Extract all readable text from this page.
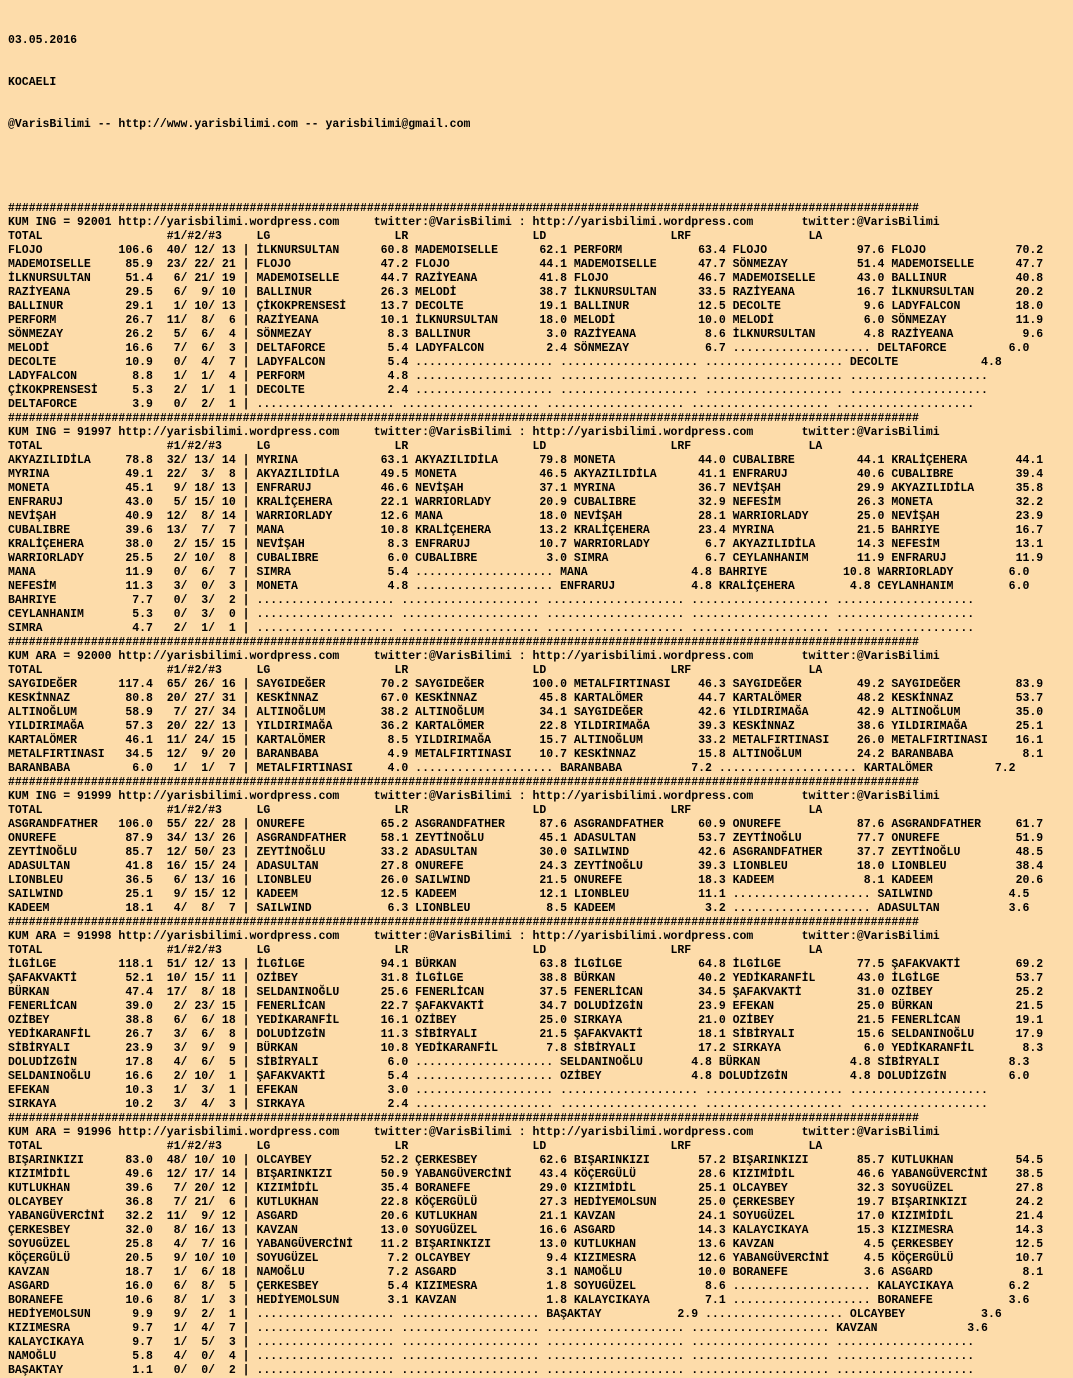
03.05.2016

KOCAELI

@VarisBilimi -- http://www.yarisbilimi.com -- yarisbilimi@gmail.com

####################################################################################################################################
KUM ING = 92001 http://yarisbilimi.wordpress.com     twitter:@VarisBilimi : http://yarisbilimi.wordpress.com       twitter:@VarisBilimi
TOTAL                  #1/#2/#3     LG                  LR                  LD                  LRF                 LA
FLOJO           106.6  40/ 12/ 13 | İLKNURSULTAN      60.8 MADEMOISELLE      62.1 PERFORM           63.4 FLOJO             97.6 FLOJO             70.2
MADEMOISELLE     85.9  23/ 22/ 21 | FLOJO             47.2 FLOJO             44.1 MADEMOISELLE      47.7 SÖNMEZAY          51.4 MADEMOISELLE      47.7
İLKNURSULTAN     51.4   6/ 21/ 19 | MADEMOISELLE      44.7 RAZİYEANA         41.8 FLOJO             46.7 MADEMOISELLE      43.0 BALLINUR          40.8
RAZİYEANA        29.5   6/  9/ 10 | BALLINUR          26.3 MELODİ            38.7 İLKNURSULTAN      33.5 RAZİYEANA         16.7 İLKNURSULTAN      20.2
BALLINUR         29.1   1/ 10/ 13 | ÇİKOKPRENSESİ     13.7 DECOLTE           19.1 BALLINUR          12.5 DECOLTE            9.6 LADYFALCON        18.0
PERFORM          26.7  11/  8/  6 | RAZİYEANA         10.1 İLKNURSULTAN      18.0 MELODİ            10.0 MELODİ             6.0 SÖNMEZAY          11.9
SÖNMEZAY         26.2   5/  6/  4 | SÖNMEZAY           8.3 BALLINUR           3.0 RAZİYEANA          8.6 İLKNURSULTAN       4.8 RAZİYEANA          9.6
MELODİ           16.6   7/  6/  3 | DELTAFORCE         5.4 LADYFALCON         2.4 SÖNMEZAY           6.7 .................... DELTAFORCE         6.0
DECOLTE          10.9   0/  4/  7 | LADYFALCON         5.4 .................... .................... .................... DECOLTE            4.8
LADYFALCON        8.8   1/  1/  4 | PERFORM            4.8 .................... .................... .................... ....................
ÇİKOKPRENSESİ     5.3   2/  1/  1 | DECOLTE            2.4 .................... .................... .................... ....................
DELTAFORCE        3.9   0/  2/  1 | .................... .................... .................... .................... ....................
####################################################################################################################################
KUM ING = 91997 http://yarisbilimi.wordpress.com     twitter:@VarisBilimi : http://yarisbilimi.wordpress.com       twitter:@VarisBilimi
TOTAL                  #1/#2/#3     LG                  LR                  LD                  LRF                 LA
AKYAZILIDİLA     78.8  32/ 13/ 14 | MYRINA            63.1 AKYAZILIDİLA      79.8 MONETA            44.0 CUBALIBRE         44.1 KRALİÇEHERA       44.1
MYRINA           49.1  22/  3/  8 | AKYAZILIDİLA      49.5 MONETA            46.5 AKYAZILIDİLA      41.1 ENFRARUJ          40.6 CUBALIBRE         39.4
MONETA           45.1   9/ 18/ 13 | ENFRARUJ          46.6 NEVİŞAH           37.1 MYRINA            36.7 NEVİŞAH           29.9 AKYAZILIDİLA      35.8
ENFRARUJ         43.0   5/ 15/ 10 | KRALİÇEHERA       22.1 WARRIORLADY       20.9 CUBALIBRE         32.9 NEFESİM           26.3 MONETA            32.2
NEVİŞAH          40.9  12/  8/ 14 | WARRIORLADY       12.6 MANA              18.0 NEVİŞAH           28.1 WARRIORLADY       25.0 NEVİŞAH           23.9
CUBALIBRE        39.6  13/  7/  7 | MANA              10.8 KRALİÇEHERA       13.2 KRALİÇEHERA       23.4 MYRINA            21.5 BAHRIYE           16.7
KRALİÇEHERA      38.0   2/ 15/ 15 | NEVİŞAH            8.3 ENFRARUJ          10.7 WARRIORLADY        6.7 AKYAZILIDİLA      14.3 NEFESİM           13.1
WARRIORLADY      25.5   2/ 10/  8 | CUBALIBRE          6.0 CUBALIBRE          3.0 SIMRA              6.7 CEYLANHANIM       11.9 ENFRARUJ          11.9
MANA             11.9   0/  6/  7 | SIMRA              5.4 .................... MANA               4.8 BAHRIYE           10.8 WARRIORLADY        6.0
NEFESİM          11.3   3/  0/  3 | MONETA             4.8 .................... ENFRARUJ           4.8 KRALİÇEHERA        4.8 CEYLANHANIM        6.0
BAHRIYE           7.7   0/  3/  2 | .................... .................... .................... .................... ....................
CEYLANHANIM       5.3   0/  3/  0 | .................... .................... .................... .................... ....................
SIMRA             4.7   2/  1/  1 | .................... .................... .................... .................... ....................
####################################################################################################################################
KUM ARA = 92000 http://yarisbilimi.wordpress.com     twitter:@VarisBilimi : http://yarisbilimi.wordpress.com       twitter:@VarisBilimi
TOTAL                  #1/#2/#3     LG                  LR                  LD                  LRF                 LA
SAYGIDEĞER      117.4  65/ 26/ 16 | SAYGIDEĞER        70.2 SAYGIDEĞER       100.0 METALFIRTINASI    46.3 SAYGIDEĞER        49.2 SAYGIDEĞER        83.9
KESKİNNAZ        80.8  20/ 27/ 31 | KESKİNNAZ         67.0 KESKİNNAZ         45.8 KARTALÖMER        44.7 KARTALÖMER        48.2 KESKİNNAZ         53.7
ALTINOĞLUM       58.9   7/ 27/ 34 | ALTINOĞLUM        38.2 ALTINOĞLUM        34.1 SAYGIDEĞER        42.6 YILDIRIMAĞA       42.9 ALTINOĞLUM        35.0
YILDIRIMAĞA      57.3  20/ 22/ 13 | YILDIRIMAĞA       36.2 KARTALÖMER        22.8 YILDIRIMAĞA       39.3 KESKİNNAZ         38.6 YILDIRIMAĞA       25.1
KARTALÖMER       46.1  11/ 24/ 15 | KARTALÖMER         8.5 YILDIRIMAĞA       15.7 ALTINOĞLUM        33.2 METALFIRTINASI    26.0 METALFIRTINASI    16.1
METALFIRTINASI   34.5  12/  9/ 20 | BARANBABA          4.9 METALFIRTINASI    10.7 KESKİNNAZ         15.8 ALTINOĞLUM        24.2 BARANBABA          8.1
BARANBABA         6.0   1/  1/  7 | METALFIRTINASI     4.0 .................... BARANBABA          7.2 .................... KARTALÖMER         7.2
####################################################################################################################################
KUM ING = 91999 http://yarisbilimi.wordpress.com     twitter:@VarisBilimi : http://yarisbilimi.wordpress.com       twitter:@VarisBilimi
TOTAL                  #1/#2/#3     LG                  LR                  LD                  LRF                 LA
ASGRANDFATHER   106.0  55/ 22/ 28 | ONUREFE           65.2 ASGRANDFATHER     87.6 ASGRANDFATHER     60.9 ONUREFE           87.6 ASGRANDFATHER     61.7
ONUREFE          87.9  34/ 13/ 26 | ASGRANDFATHER     58.1 ZEYTİNOĞLU        45.1 ADASULTAN         53.7 ZEYTİNOĞLU        77.7 ONUREFE           51.9
ZEYTİNOĞLU       85.7  12/ 50/ 23 | ZEYTİNOĞLU        33.2 ADASULTAN         30.0 SAILWIND          42.6 ASGRANDFATHER     37.7 ZEYTİNOĞLU        48.5
ADASULTAN        41.8  16/ 15/ 24 | ADASULTAN         27.8 ONUREFE           24.3 ZEYTİNOĞLU        39.3 LIONBLEU          18.0 LIONBLEU          38.4
LIONBLEU         36.5   6/ 13/ 16 | LIONBLEU          26.0 SAILWIND          21.5 ONUREFE           18.3 KADEEM             8.1 KADEEM            20.6
SAILWIND         25.1   9/ 15/ 12 | KADEEM            12.5 KADEEM            12.1 LIONBLEU          11.1 .................... SAILWIND           4.5
KADEEM           18.1   4/  8/  7 | SAILWIND           6.3 LIONBLEU           8.5 KADEEM             3.2 .................... ADASULTAN          3.6
####################################################################################################################################
KUM ARA = 91998 http://yarisbilimi.wordpress.com     twitter:@VarisBilimi : http://yarisbilimi.wordpress.com       twitter:@VarisBilimi
TOTAL                  #1/#2/#3     LG                  LR                  LD                  LRF                 LA
İLGİLGE         118.1  51/ 12/ 13 | İLGİLGE           94.1 BÜRKAN            63.8 İLGİLGE           64.8 İLGİLGE           77.5 ŞAFAKVAKTİ        69.2
ŞAFAKVAKTİ       52.1  10/ 15/ 11 | OZİBEY            31.8 İLGİLGE           38.8 BÜRKAN            40.2 YEDİKARANFİL      43.0 İLGİLGE           53.7
BÜRKAN           47.4  17/  8/ 18 | SELDANINOĞLU      25.6 FENERLİCAN        37.5 FENERLİCAN        34.5 ŞAFAKVAKTİ        31.0 OZİBEY            25.2
FENERLİCAN       39.0   2/ 23/ 15 | FENERLİCAN        22.7 ŞAFAKVAKTİ        34.7 DOLUDİZGİN        23.9 EFEKAN            25.0 BÜRKAN            21.5
OZİBEY           38.8   6/  6/ 18 | YEDİKARANFİL      16.1 OZİBEY            25.0 SIRKAYA           21.0 OZİBEY            21.5 FENERLİCAN        19.1
YEDİKARANFİL     26.7   3/  6/  8 | DOLUDİZGİN        11.3 SİBİRYALI         21.5 ŞAFAKVAKTİ        18.1 SİBİRYALI         15.6 SELDANINOĞLU      17.9
SİBİRYALI        23.9   3/  9/  9 | BÜRKAN            10.8 YEDİKARANFİL       7.8 SİBİRYALI         17.2 SIRKAYA            6.0 YEDİKARANFİL       8.3
DOLUDİZGİN       17.8   4/  6/  5 | SİBİRYALI          6.0 .................... SELDANINOĞLU       4.8 BÜRKAN             4.8 SİBİRYALI          8.3
SELDANINOĞLU     16.6   2/ 10/  1 | ŞAFAKVAKTİ         5.4 .................... OZİBEY             4.8 DOLUDİZGİN         4.8 DOLUDİZGİN         6.0
EFEKAN           10.3   1/  3/  1 | EFEKAN             3.0 .................... .................... .................... ....................
SIRKAYA          10.2   3/  4/  3 | SIRKAYA            2.4 .................... .................... .................... ....................
####################################################################################################################################
KUM ARA = 91996 http://yarisbilimi.wordpress.com     twitter:@VarisBilimi : http://yarisbilimi.wordpress.com       twitter:@VarisBilimi
TOTAL                  #1/#2/#3     LG                  LR                  LD                  LRF                 LA
BIŞARINKIZI      83.0  48/ 10/ 10 | OLCAYBEY          52.2 ÇERKESBEY         62.6 BIŞARINKIZI       57.2 BIŞARINKIZI       85.7 KUTLUKHAN         54.5
KIZIMİDİL        49.6  12/ 17/ 14 | BIŞARINKIZI       50.9 YABANGÜVERCİNİ    43.4 KÖÇERGÜLÜ         28.6 KIZIMİDİL         46.6 YABANGÜVERCİNİ    38.5
KUTLUKHAN        39.6   7/ 20/ 12 | KIZIMİDİL         35.4 BORANEFE          29.0 KIZIMİDİL         25.1 OLCAYBEY          32.3 SOYUGÜZEL         27.8
OLCAYBEY         36.8   7/ 21/  6 | KUTLUKHAN         22.8 KÖÇERGÜLÜ         27.3 HEDİYEMOLSUN      25.0 ÇERKESBEY         19.7 BIŞARINKIZI       24.2
YABANGÜVERCİNİ   32.2  11/  9/ 12 | ASGARD            20.6 KUTLUKHAN         21.1 KAVZAN            24.1 SOYUGÜZEL         17.0 KIZIMİDİL         21.4
ÇERKESBEY        32.0   8/ 16/ 13 | KAVZAN            13.0 SOYUGÜZEL         16.6 ASGARD            14.3 KALAYCIKAYA       15.3 KIZIMESRA         14.3
SOYUGÜZEL        25.8   4/  7/ 16 | YABANGÜVERCİNİ    11.2 BIŞARINKIZI       13.0 KUTLUKHAN         13.6 KAVZAN             4.5 ÇERKESBEY         12.5
KÖÇERGÜLÜ        20.5   9/ 10/ 10 | SOYUGÜZEL          7.2 OLCAYBEY           9.4 KIZIMESRA         12.6 YABANGÜVERCİNİ     4.5 KÖÇERGÜLÜ         10.7
KAVZAN           18.7   1/  6/ 18 | NAMOĞLU            7.2 ASGARD             3.1 NAMOĞLU           10.0 BORANEFE           3.6 ASGARD             8.1
ASGARD           16.0   6/  8/  5 | ÇERKESBEY          5.4 KIZIMESRA          1.8 SOYUGÜZEL          8.6 .................... KALAYCIKAYA        6.2
BORANEFE         10.6   8/  1/  3 | HEDİYEMOLSUN       3.1 KAVZAN             1.8 KALAYCIKAYA        7.1 .................... BORANEFE           3.6
HEDİYEMOLSUN      9.9   9/  2/  1 | .................... .................... BAŞAKTAY           2.9 .................... OLCAYBEY           3.6
KIZIMESRA         9.7   1/  4/  7 | .................... .................... .................... .................... KAVZAN             3.6
KALAYCIKAYA       9.7   1/  5/  3 | .................... .................... .................... .................... ....................
NAMOĞLU           5.8   4/  0/  4 | .................... .................... .................... .................... ....................
BAŞAKTAY          1.1   0/  0/  2 | .................... .................... .................... .................... ....................
